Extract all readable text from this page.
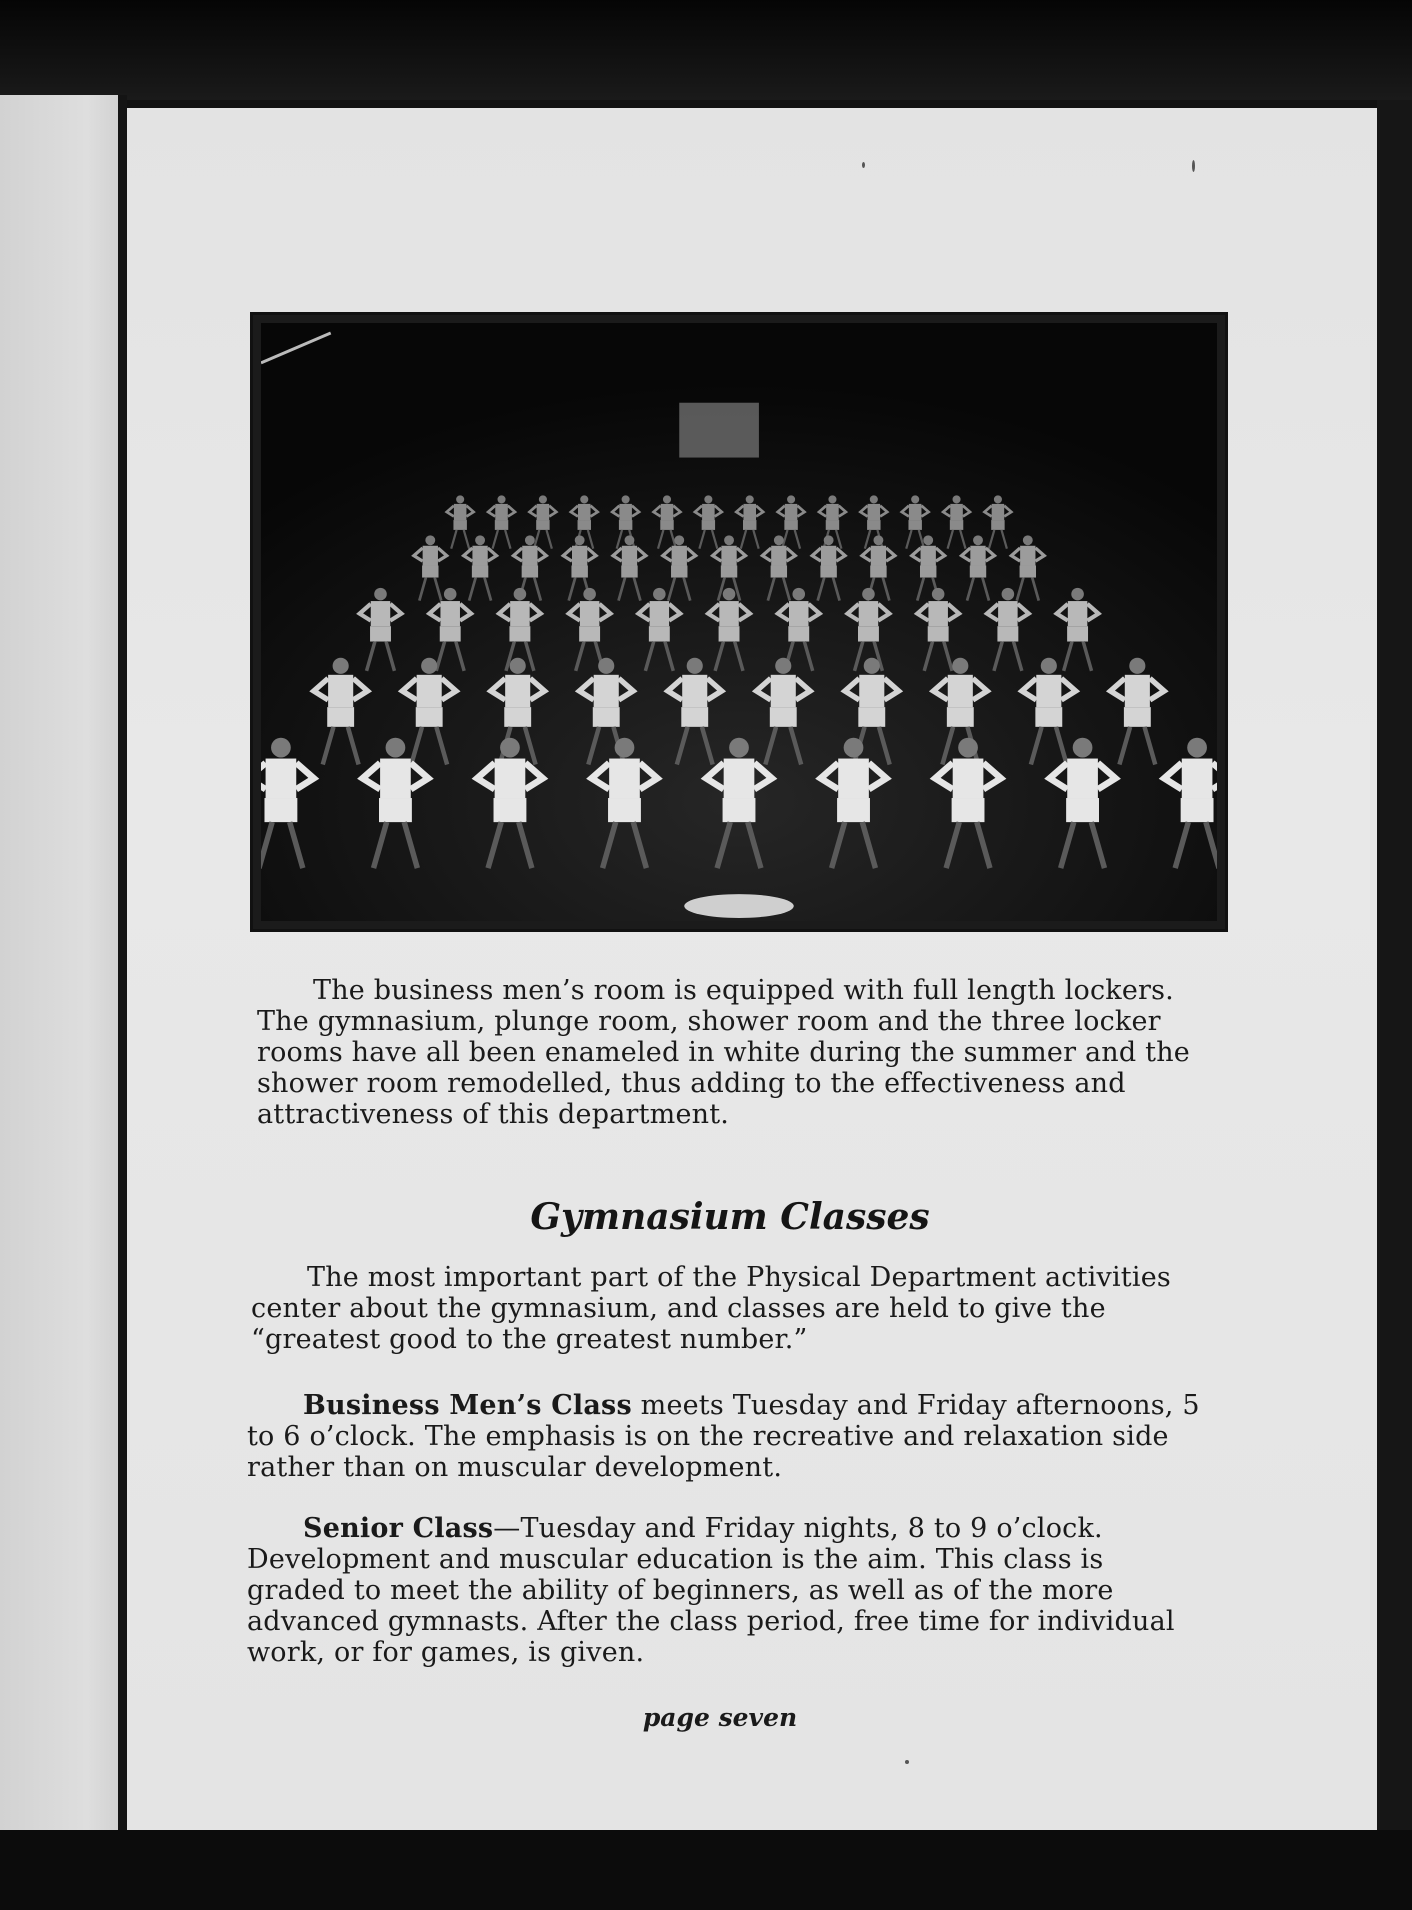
The business men’s room is equipped with full length lockers.
The gymnasium, plunge room, shower room and the three locker
rooms have all been enameled in white during the summer and the
shower room remodelled, thus adding to the effectiveness and
attractiveness of this department.
Gymnasium Classes
The most important part of the Physical Department activities center about the gymnasium, and classes are held to give the “greatest good to the greatest number.”
Business Men’s Class meets Tuesday and Friday afternoons, 5 to 6 o’clock. The emphasis is on the recreative and relaxation side rather than on muscular development.
Senior Class—Tuesday and Friday nights, 8 to 9 o’clock. Development and muscular education is the aim. This class is graded to meet the ability of beginners, as well as of the more advanced gymnasts. After the class period, free time for individual work, or for games, is given.
page seven
